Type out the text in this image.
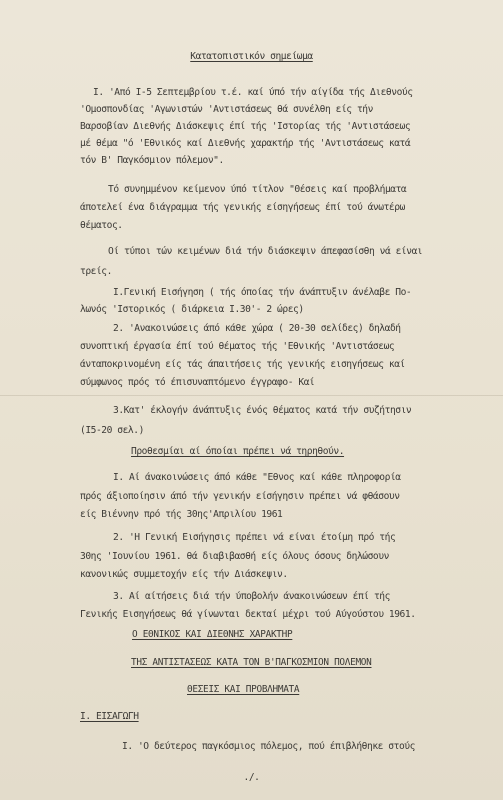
Κατατοπιστικόν σημείωμα
I. 'Από I-5 Σεπτεμβρίου τ.έ. καί ύπό τήν αίγίδα τής Διεθνούς
'Ομοσπονδίας 'Αγωνιστών 'Αντιστάσεως θά συνέλθη είς τήν
Βαρσοβίαν Διεθνής Διάσκεψις έπί τής 'Ιστορίας τής 'Αντιστάσεως
μέ θέμα "ό 'Εθνικός καί Διεθνής χαρακτήρ τής 'Αντιστάσεως κατά
τόν Β' Παγκόσμιον πόλεμον".
Τό συνημμένον κείμενον ύπό τίτλον "Θέσεις καί προβλήματα
άποτελεί ένα διάγραμμα τής γενικής είσηγήσεως έπί τού άνωτέρω
θέματος.
Οί τύποι τών κειμένων διά τήν διάσκεψιν άπεφασίσθη νά είναι
τρείς.
I.Γενική Εισήγηση ( τής όποίας τήν άνάπτυξιν άνέλαβε Πο-
λωνός 'Ιστορικός ( διάρκεια I.30'- 2 ώρες)
2. 'Ανακοινώσεις άπό κάθε χώρα ( 20-30 σελίδες) δηλαδή
συνοπτική έργασία έπί τού θέματος τής 'Εθνικής 'Αντιστάσεως
άνταποκρινομένη είς τάς άπαιτήσεις τής γενικής εισηγήσεως καί
σύμφωνος πρός τό έπισυναπτόμενο έγγραφο- Καί
3.Κατ' έκλογήν άνάπτυξις ένός θέματος κατά τήν συζήτησιν
(I5-20 σελ.)
Προθεσμίαι αί όποίαι πρέπει νά τηρηθούν.
I. Αί άνακοινώσεις άπό κάθε "Εθνος καί κάθε πληροφορία
πρός άξιοποίησιν άπό τήν γενικήν είσήγησιν πρέπει νά φθάσουν
είς Βιέννην πρό τής 30ης'Απριλίου 1961
2. 'Η Γενική Εισήγησις πρέπει νά είναι έτοίμη πρό τής
30ης 'Ιουνίου 1961. θά διαβιβασθή είς όλους όσους δηλώσουν
κανονικώς συμμετοχήν είς τήν Διάσκεψιν.
3. Αί αίτήσεις διά τήν ύποβολήν άνακοινώσεων έπί τής
Γενικής Εισηγήσεως θά γίνωνται δεκταί μέχρι τού Αύγούστου 1961.
Ο ΕΘΝΙΚΟΣ ΚΑΙ ΔΙΕΘΝΗΣ ΧΑΡΑΚΤΗΡ
ΤΗΣ ΑΝΤΙΣΤΑΣΕΩΣ ΚΑΤΑ ΤΟΝ Β'ΠΑΓΚΟΣΜΙΟΝ ΠΟΛΕΜΟΝ
ΘΕΣΕΙΣ ΚΑΙ ΠΡΟΒΛΗΜΑΤΑ
I. ΕΙΣΑΓΩΓΗ
I. 'Ο δεύτερος παγκόσμιος πόλεμος, πού έπιβλήθηκε στούς
./.
